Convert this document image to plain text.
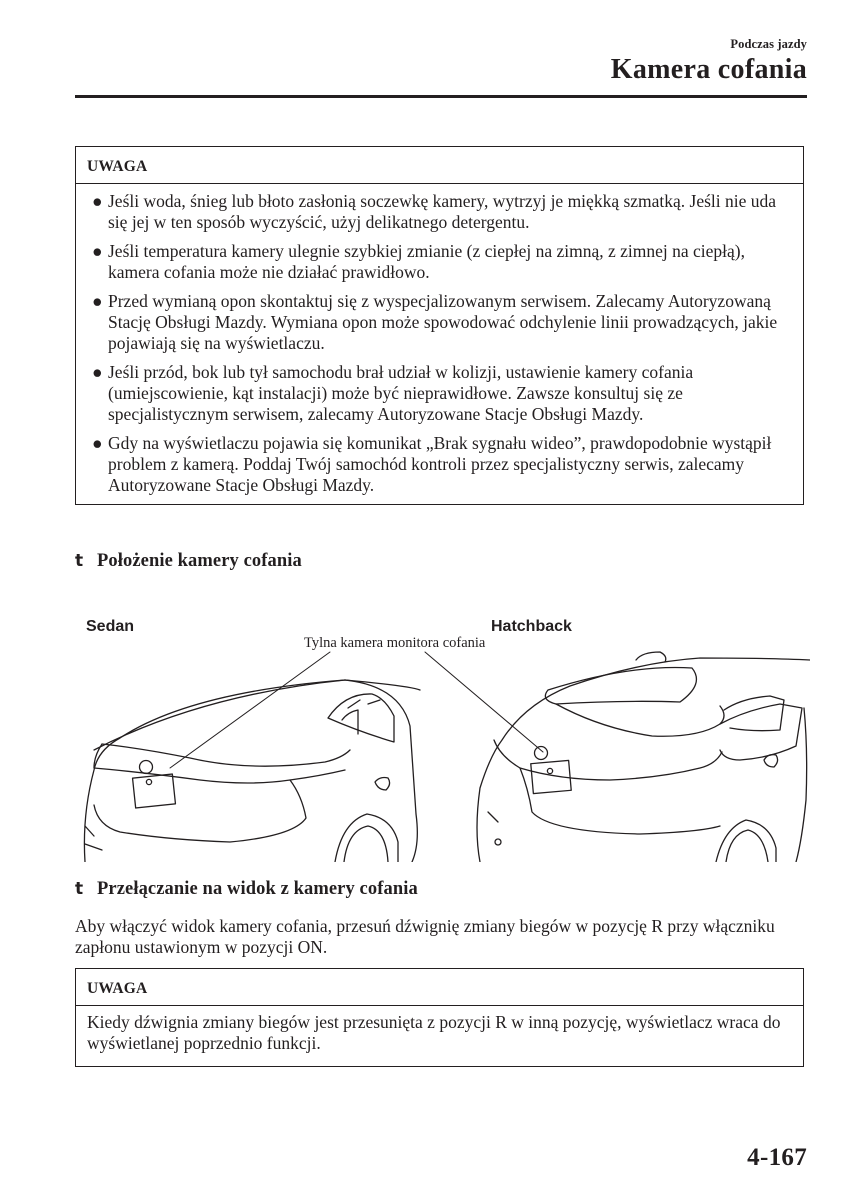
Podczas jazdy
Kamera cofania
UWAGA
● Jeśli woda, śnieg lub błoto zasłonią soczewkę kamery, wytrzyj je miękką szmatką. Jeśli nie uda się jej w ten sposób wyczyścić, użyj delikatnego detergentu.
● Jeśli temperatura kamery ulegnie szybkiej zmianie (z ciepłej na zimną, z zimnej na ciepłą), kamera cofania może nie działać prawidłowo.
● Przed wymianą opon skontaktuj się z wyspecjalizowanym serwisem. Zalecamy Autoryzowaną Stację Obsługi Mazdy. Wymiana opon może spowodować odchylenie linii prowadzących, jakie pojawiają się na wyświetlaczu.
● Jeśli przód, bok lub tył samochodu brał udział w kolizji, ustawienie kamery cofania (umiejscowienie, kąt instalacji) może być nieprawidłowe. Zawsze konsultuj się ze specjalistycznym serwisem, zalecamy Autoryzowane Stacje Obsługi Mazdy.
● Gdy na wyświetlaczu pojawia się komunikat „Brak sygnału wideo”, prawdopodobnie wystąpił problem z kamerą. Poddaj Twój samochód kontroli przez specjalistyczny serwis, zalecamy Autoryzowane Stacje Obsługi Mazdy.
t Położenie kamery cofania
Sedan	Hatchback
Tylna kamera monitora cofania
t Przełączanie na widok z kamery cofania

Aby włączyć widok kamery cofania, przesuń dźwignię zmiany biegów w pozycję R przy włączniku zapłonu ustawionym w pozycji ON.

UWAGA
Kiedy dźwignia zmiany biegów jest przesunięta z pozycji R w inną pozycję, wyświetlacz wraca do wyświetlanej poprzednio funkcji.
4-167
